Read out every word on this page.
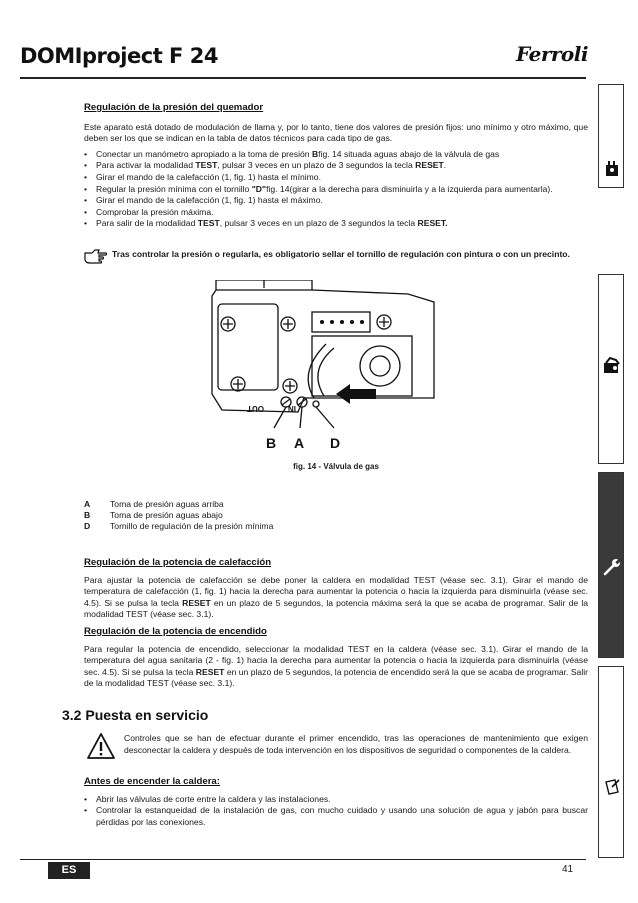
DOMIproject F 24	Ferroli
Regulación de la presión del quemador
Este aparato está dotado de modulación de llama y, por lo tanto, tiene dos valores de presión fijos: uno mínimo y otro máximo, que deben ser los que se indican en la tabla de datos técnicos para cada tipo de gas.
• Conectar un manómetro apropiado a la toma de presión Bfig. 14 situada aguas abajo de la válvula de gas
• Para activar la modalidad TEST, pulsar 3 veces en un plazo de 3 segundos la tecla RESET.
• Girar el mando de la calefacción (1, fig. 1) hasta el mínimo.
• Regular la presión mínima con el tornillo "D"fig. 14(girar a la derecha para disminuirla y a la izquierda para aumentarla).
• Girar el mando de la calefacción (1, fig. 1) hasta el máximo.
• Comprobar la presión máxima.
• Para salir de la modalidad TEST, pulsar 3 veces en un plazo de 3 segundos la tecla RESET.
Tras controlar la presión o regularla, es obligatorio sellar el tornillo de regulación con pintura o con un precinto.
OUT	IN
B A D
fig. 14 - Válvula de gas
A Toma de presión aguas arriba
B Toma de presión aguas abajo
D Tornillo de regulación de la presión mínima
Regulación de la potencia de calefacción
Para ajustar la potencia de calefacción se debe poner la caldera en modalidad TEST (véase sec. 3.1). Girar el mando de temperatura de calefacción (1, fig. 1) hacia la derecha para aumentar la potencia o hacia la izquierda para disminuirla (véase sec. 4.5). Si se pulsa la tecla RESET en un plazo de 5 segundos, la potencia máxima será la que se acaba de programar. Salir de la modalidad TEST (véase sec. 3.1).
Regulación de la potencia de encendido
Para regular la potencia de encendido, seleccionar la modalidad TEST en la caldera (véase sec. 3.1). Girar el mando de la temperatura del agua sanitaria (2 - fig. 1) hacia la derecha para aumentar la potencia o hacia la izquierda para disminuirla (véase sec. 4.5). Si se pulsa la tecla RESET en un plazo de 5 segundos, la potencia de encendido será la que se acaba de programar. Salir de la modalidad TEST (véase sec. 3.1).
3.2 Puesta en servicio
Controles que se han de efectuar durante el primer encendido, tras las operaciones de mantenimiento que exigen desconectar la caldera y después de toda intervención en los dispositivos de seguridad o componentes de la caldera.
Antes de encender la caldera:
• Abrir las válvulas de corte entre la caldera y las instalaciones.
• Controlar la estanqueidad de la instalación de gas, con mucho cuidado y usando una solución de agua y jabón para buscar pérdidas por las conexiones.
ES	41
